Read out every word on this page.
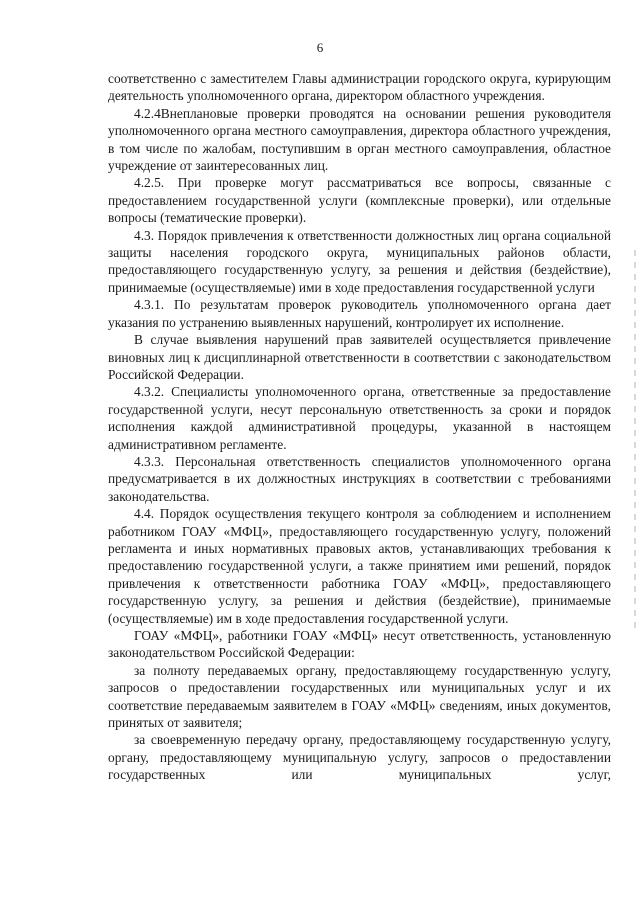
6

соответственно с заместителем Главы администрации городского округа, курирующим деятельность уполномоченного органа, директором областного учреждения.

4.2.4Внеплановые проверки проводятся на основании решения руководителя уполномоченного органа местного самоуправления, директора областного учреждения, в том числе по жалобам, поступившим в орган местного самоуправления, областное учреждение от заинтересованных лиц.

4.2.5. При проверке могут рассматриваться все вопросы, связанные с предоставлением государственной услуги (комплексные проверки), или отдельные вопросы (тематические проверки).

4.3. Порядок привлечения к ответственности должностных лиц органа социальной защиты населения городского округа, муниципальных районов области, предоставляющего государственную услугу, за решения и действия (бездействие), принимаемые (осуществляемые) ими в ходе предоставления государственной услуги

4.3.1. По результатам проверок руководитель уполномоченного органа дает указания по устранению выявленных нарушений, контролирует их исполнение.

В случае выявления нарушений прав заявителей осуществляется привлечение виновных лиц к дисциплинарной ответственности в соответствии с законодательством Российской Федерации.

4.3.2. Специалисты уполномоченного органа, ответственные за предоставление государственной услуги, несут персональную ответственность за сроки и порядок исполнения каждой административной процедуры, указанной в настоящем административном регламенте.

4.3.3. Персональная ответственность специалистов уполномоченного органа предусматривается в их должностных инструкциях в соответствии с требованиями законодательства.

4.4. Порядок осуществления текущего контроля за соблюдением и исполнением работником ГОАУ «МФЦ», предоставляющего государственную услугу, положений регламента и иных нормативных правовых актов, устанавливающих требования к предоставлению государственной услуги, а также принятием ими решений, порядок привлечения к ответственности работника ГОАУ «МФЦ», предоставляющего государственную услугу, за решения и действия (бездействие), принимаемые (осуществляемые) им в ходе предоставления государственной услуги.

ГОАУ «МФЦ», работники ГОАУ «МФЦ» несут ответственность, установленную законодательством Российской Федерации:

за полноту передаваемых органу, предоставляющему государственную услугу, запросов о предоставлении государственных или муниципальных услуг и их соответствие передаваемым заявителем в ГОАУ «МФЦ» сведениям, иных документов, принятых от заявителя;

за своевременную передачу органу, предоставляющему государственную услугу, органу, предоставляющему муниципальную услугу, запросов о предоставлении государственных или муниципальных услуг,
